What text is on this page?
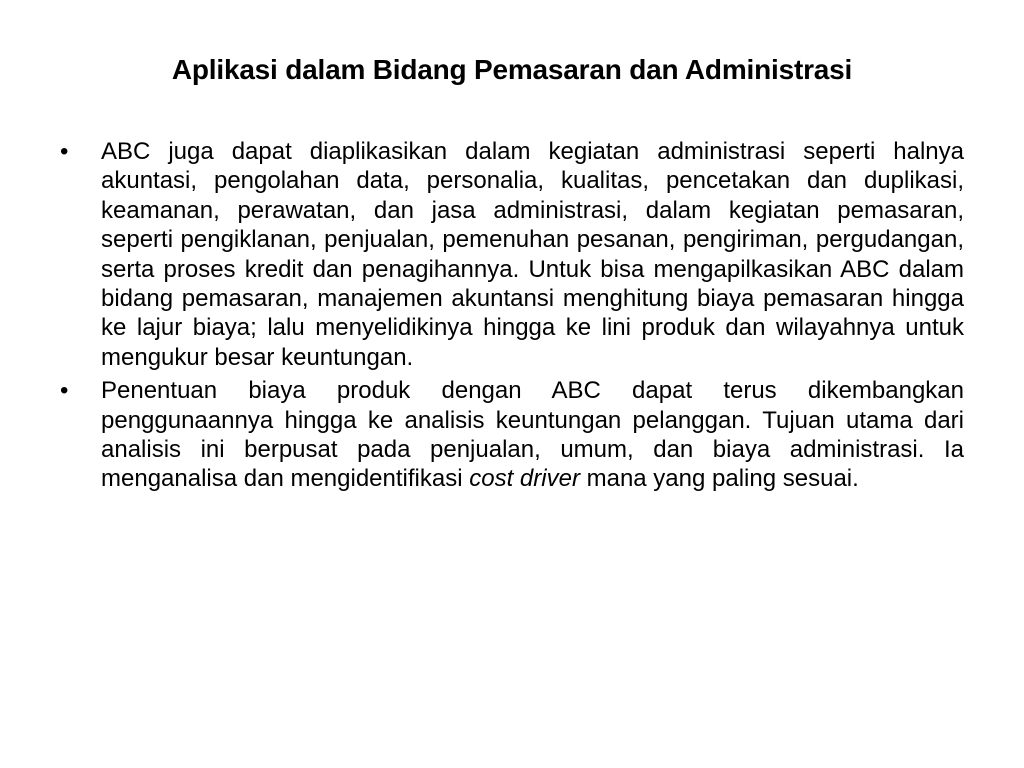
Aplikasi dalam Bidang Pemasaran dan Administrasi
•	ABC juga dapat diaplikasikan dalam kegiatan administrasi seperti halnya akuntasi, pengolahan data, personalia, kualitas, pencetakan dan duplikasi, keamanan, perawatan, dan jasa administrasi, dalam kegiatan pemasaran, seperti pengiklanan, penjualan, pemenuhan pesanan, pengiriman, pergudangan, serta proses kredit dan penagihannya. Untuk bisa mengapilkasikan ABC dalam bidang pemasaran, manajemen akuntansi menghitung biaya pemasaran hingga ke lajur biaya; lalu menyelidikinya hingga ke lini produk dan wilayahnya untuk mengukur besar keuntungan.
•	Penentuan biaya produk dengan ABC dapat terus dikembangkan penggunaannya hingga ke analisis keuntungan pelanggan. Tujuan utama dari analisis ini berpusat pada penjualan, umum, dan biaya administrasi. Ia menganalisa dan mengidentifikasi cost driver mana yang paling sesuai.
